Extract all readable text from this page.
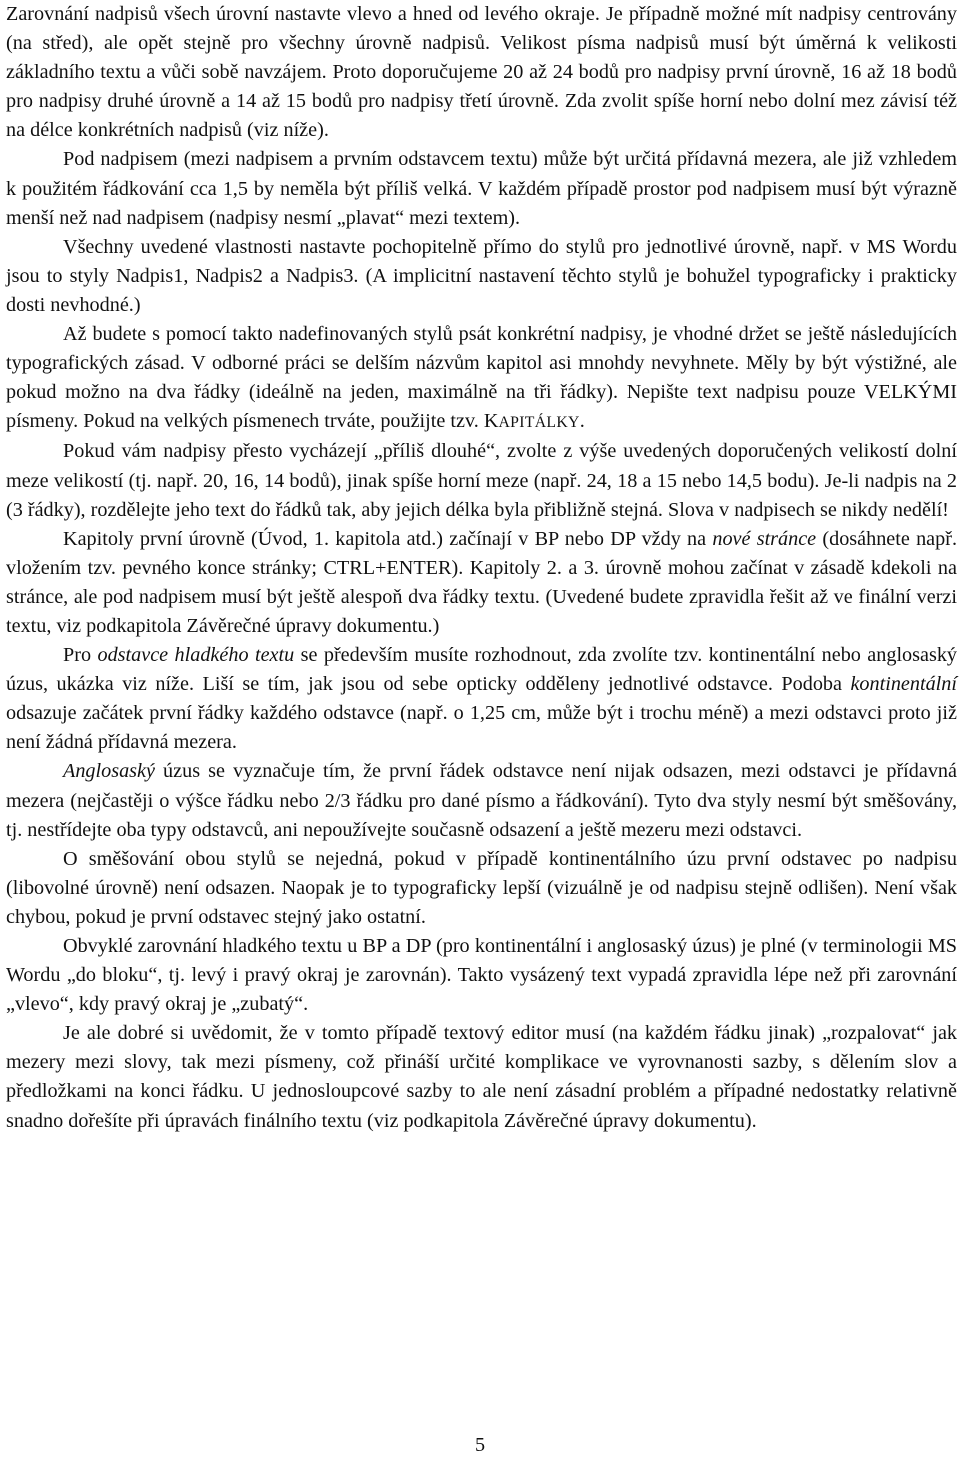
Zarovnání nadpisů všech úrovní nastavte vlevo a hned od levého okraje. Je případně možné mít nadpisy centrovány (na střed), ale opět stejně pro všechny úrovně nadpisů. Velikost písma nadpisů musí být úměrná k velikosti základního textu a vůči sobě navzájem. Proto doporučujeme 20 až 24 bodů pro nadpisy první úrovně, 16 až 18 bodů pro nadpisy druhé úrovně a 14 až 15 bodů pro nadpisy třetí úrovně. Zda zvolit spíše horní nebo dolní mez závisí též na délce konkrétních nadpisů (viz níže).

Pod nadpisem (mezi nadpisem a prvním odstavcem textu) může být určitá přídavná mezera, ale již vzhledem k použitém řádkování cca 1,5 by neměla být příliš velká. V každém případě prostor pod nadpisem musí být výrazně menší než nad nadpisem (nadpisy nesmí „plavat“ mezi textem).

Všechny uvedené vlastnosti nastavte pochopitelně přímo do stylů pro jednotlivé úrovně, např. v MS Wordu jsou to styly Nadpis1, Nadpis2 a Nadpis3. (A implicitní nastavení těchto stylů je bohužel typograficky i prakticky dosti nevhodné.)

Až budete s pomocí takto nadefinovaných stylů psát konkrétní nadpisy, je vhodné držet se ještě následujících typografických zásad. V odborné práci se delším názvům kapitol asi mnohdy nevyhnete. Měly by být výstižné, ale pokud možno na dva řádky (ideálně na jeden, maximálně na tři řádky). Nepište text nadpisu pouze VELKÝMI písmeny. Pokud na velkých písmenech trváte, použijte tzv. KAPITÁLKY.

Pokud vám nadpisy přesto vycházejí „příliš dlouhé“, zvolte z výše uvedených doporučených velikostí dolní meze velikostí (tj. např. 20, 16, 14 bodů), jinak spíše horní meze (např. 24, 18 a 15 nebo 14,5 bodu). Je-li nadpis na 2 (3 řádky), rozdělejte jeho text do řádků tak, aby jejich délka byla přibližně stejná. Slova v nadpisech se nikdy nedělí!

Kapitoly první úrovně (Úvod, 1. kapitola atd.) začínají v BP nebo DP vždy na nové stránce (dosáhnete např. vložením tzv. pevného konce stránky; CTRL+ENTER). Kapitoly 2. a 3. úrovně mohou začínat v zásadě kdekoli na stránce, ale pod nadpisem musí být ještě alespoň dva řádky textu. (Uvedené budete zpravidla řešit až ve finální verzi textu, viz podkapitola Závěrečné úpravy dokumentu.)

Pro odstavce hladkého textu se především musíte rozhodnout, zda zvolíte tzv. kontinentální nebo anglosaský úzus, ukázka viz níže. Liší se tím, jak jsou od sebe opticky odděleny jednotlivé odstavce. Podoba kontinentální odsazuje začátek první řádky každého odstavce (např. o 1,25 cm, může být i trochu méně) a mezi odstavci proto již není žádná přídavná mezera.

Anglosaský úzus se vyznačuje tím, že první řádek odstavce není nijak odsazen, mezi odstavci je přídavná mezera (nejčastěji o výšce řádku nebo 2/3 řádku pro dané písmo a řádkování). Tyto dva styly nesmí být směšovány, tj. nestřídejte oba typy odstavců, ani nepoužívejte současně odsazení a ještě mezeru mezi odstavci.

O směšování obou stylů se nejedná, pokud v případě kontinentálního úzu první odstavec po nadpisu (libovolné úrovně) není odsazen. Naopak je to typograficky lepší (vizuálně je od nadpisu stejně odlišen). Není však chybou, pokud je první odstavec stejný jako ostatní.

Obvyklé zarovnání hladkého textu u BP a DP (pro kontinentální i anglosaský úzus) je plné (v terminologii MS Wordu „do bloku“, tj. levý i pravý okraj je zarovnán). Takto vysázený text vypadá zpravidla lépe než při zarovnání „vlevo“, kdy pravý okraj je „zubatý“.

Je ale dobré si uvědomit, že v tomto případě textový editor musí (na každém řádku jinak) „rozpalovat“ jak mezery mezi slovy, tak mezi písmeny, což přináší určité komplikace ve vyrovnanosti sazby, s dělením slov a předložkami na konci řádku. U jednosloupcové sazby to ale není zásadní problém a případné nedostatky relativně snadno dořešíte při úpravách finálního textu (viz podkapitola Závěrečné úpravy dokumentu).

5
